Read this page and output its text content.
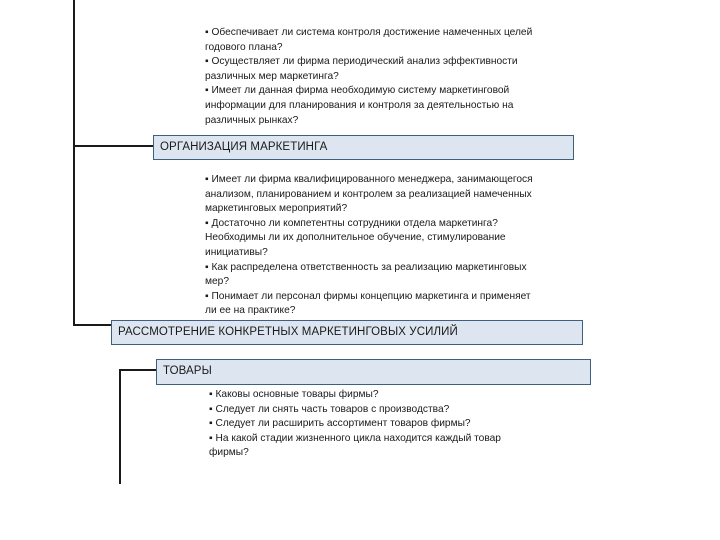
▪ Обеспечивает ли система контроля достижение намеченных целей годового плана?
▪ Осуществляет ли фирма периодический анализ эффективности различных мер маркетинга?
▪ Имеет ли данная фирма необходимую систему маркетинговой информации для планирования и контроля за деятельностью на различных рынках?
ОРГАНИЗАЦИЯ МАРКЕТИНГА
▪ Имеет ли фирма квалифицированного менеджера, занимающегося анализом, планированием и контролем за реализацией намеченных маркетинговых мероприятий?
▪ Достаточно ли компетентны сотрудники отдела маркетинга? Необходимы ли их дополнительное обучение, стимулирование инициативы?
▪ Как распределена ответственность за реализацию маркетинговых мер?
▪ Понимает ли персонал фирмы концепцию маркетинга и применяет ли ее на практике?
РАССМОТРЕНИЕ КОНКРЕТНЫХ МАРКЕТИНГОВЫХ УСИЛИЙ
ТОВАРЫ
▪ Каковы основные товары фирмы?
▪ Следует ли снять часть товаров с производства?
▪ Следует ли расширить ассортимент товаров фирмы?
▪ На какой стадии жизненного цикла находится каждый товар фирмы?
